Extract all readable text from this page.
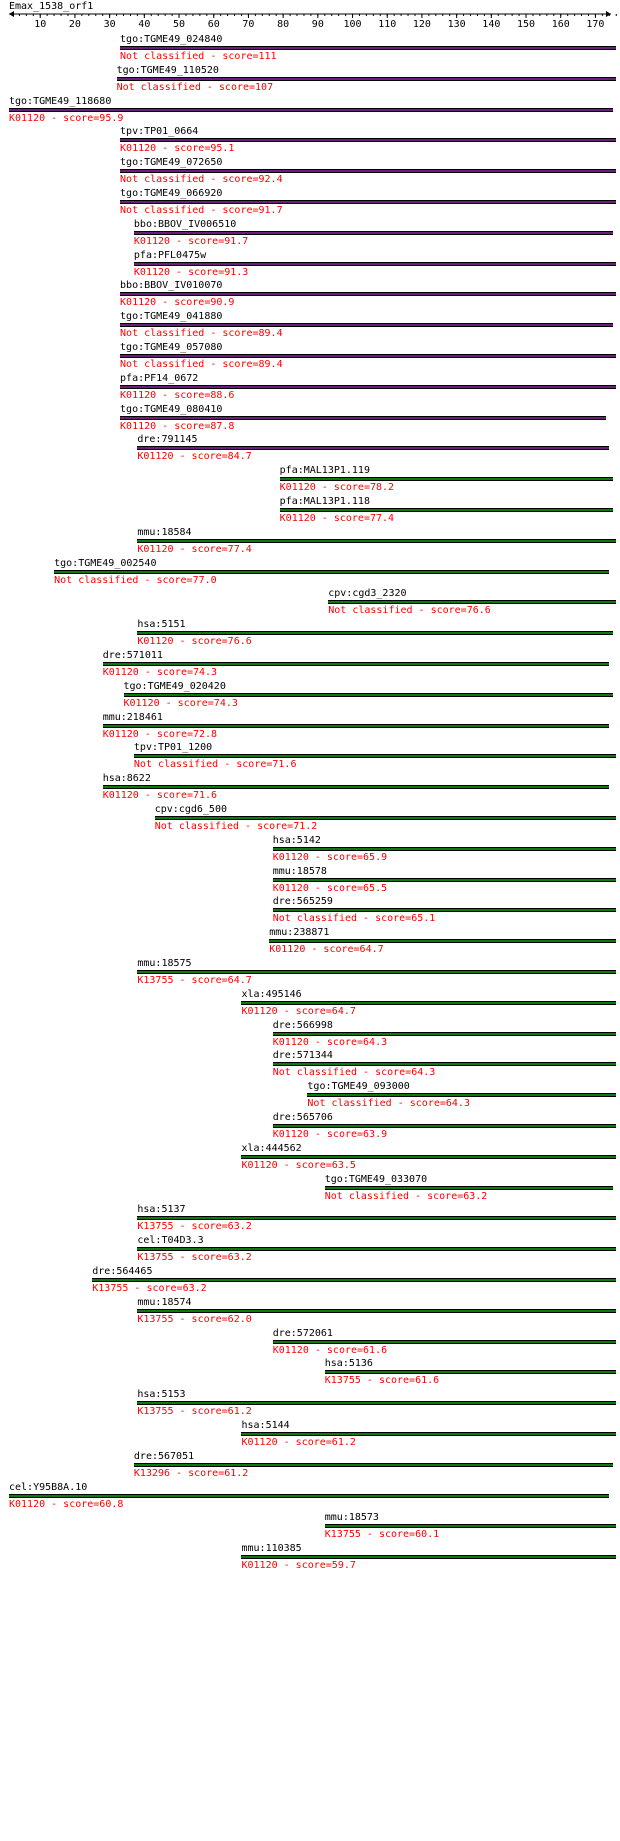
Emax_1538_orf1
10 20 30 40 50 60 70 80 90 100 110 120 130 140 150 160 170
tgo:TGME49_024840
Not classified - score=111
tgo:TGME49_110520
Not classified - score=107
tgo:TGME49_118680
K01120 - score=95.9
tpv:TP01_0664
K01120 - score=95.1
tgo:TGME49_072650
Not classified - score=92.4
tgo:TGME49_066920
Not classified - score=91.7
bbo:BBOV_IV006510
K01120 - score=91.7
pfa:PFL0475w
K01120 - score=91.3
bbo:BBOV_IV010070
K01120 - score=90.9
tgo:TGME49_041880
Not classified - score=89.4
tgo:TGME49_057080
Not classified - score=89.4
pfa:PF14_0672
K01120 - score=88.6
tgo:TGME49_080410
K01120 - score=87.8
dre:791145
K01120 - score=84.7
pfa:MAL13P1.119
K01120 - score=78.2
pfa:MAL13P1.118
K01120 - score=77.4
mmu:18584
K01120 - score=77.4
tgo:TGME49_002540
Not classified - score=77.0
cpv:cgd3_2320
Not classified - score=76.6
hsa:5151
K01120 - score=76.6
dre:571011
K01120 - score=74.3
tgo:TGME49_020420
K01120 - score=74.3
mmu:218461
K01120 - score=72.8
tpv:TP01_1200
Not classified - score=71.6
hsa:8622
K01120 - score=71.6
cpv:cgd6_500
Not classified - score=71.2
hsa:5142
K01120 - score=65.9
mmu:18578
K01120 - score=65.5
dre:565259
Not classified - score=65.1
mmu:238871
K01120 - score=64.7
mmu:18575
K13755 - score=64.7
xla:495146
K01120 - score=64.7
dre:566998
K01120 - score=64.3
dre:571344
Not classified - score=64.3
tgo:TGME49_093000
Not classified - score=64.3
dre:565706
K01120 - score=63.9
xla:444562
K01120 - score=63.5
tgo:TGME49_033070
Not classified - score=63.2
hsa:5137
K13755 - score=63.2
cel:T04D3.3
K13755 - score=63.2
dre:564465
K13755 - score=63.2
mmu:18574
K13755 - score=62.0
dre:572061
K01120 - score=61.6
hsa:5136
K13755 - score=61.6
hsa:5153
K13755 - score=61.2
hsa:5144
K01120 - score=61.2
dre:567051
K13296 - score=61.2
cel:Y95B8A.10
K01120 - score=60.8
mmu:18573
K13755 - score=60.1
mmu:110385
K01120 - score=59.7
